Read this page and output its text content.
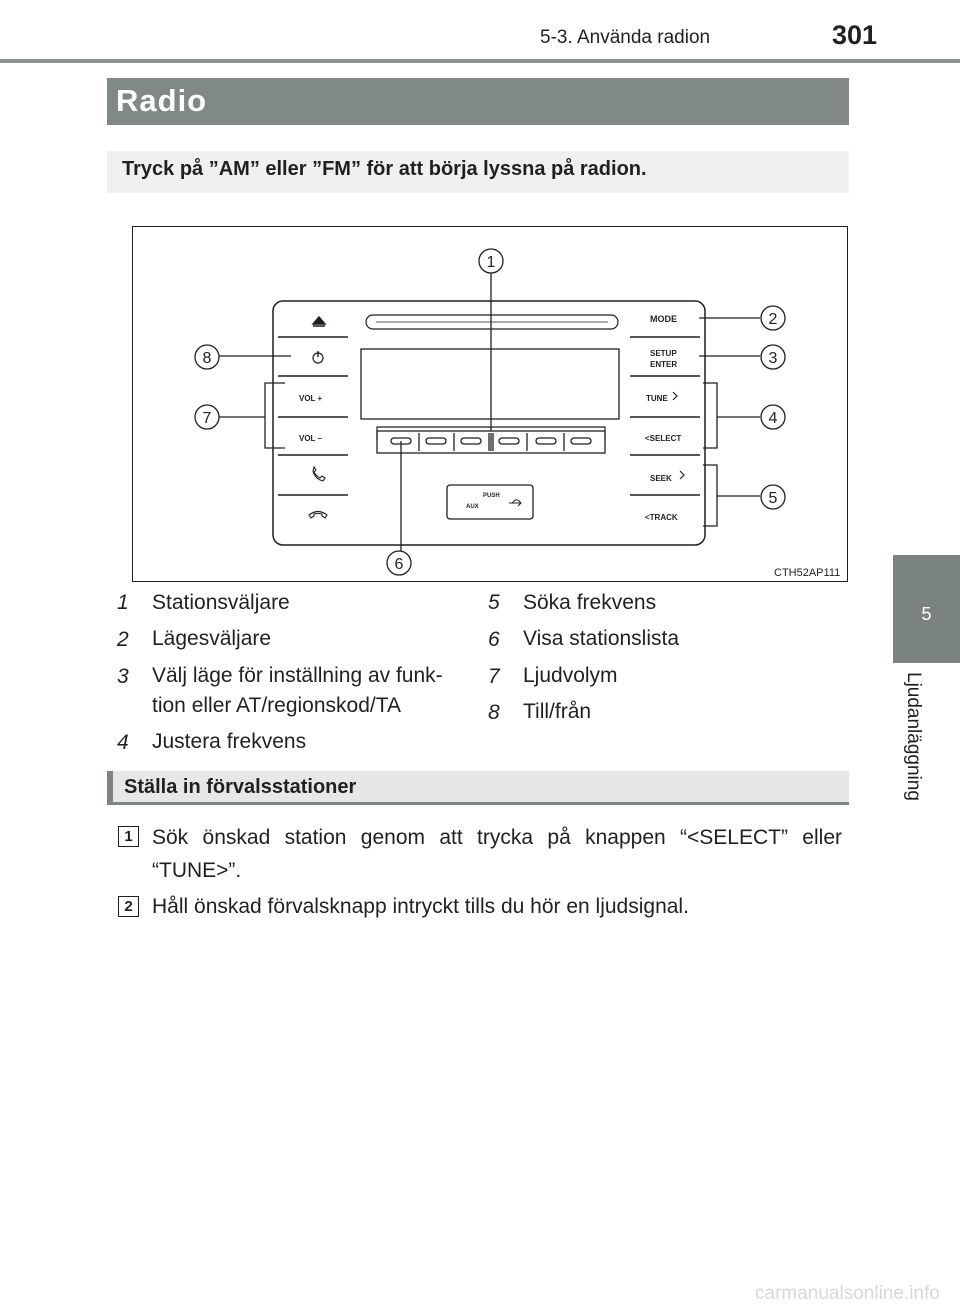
5-3. Använda radion	301
5
Ljudanläggning
Radio
Tryck på ”AM” eller ”FM” för att börja lyssna på radion.
MODE
SETUP
ENTER
TUNE
<SELECT
SEEK
<TRACK
VOL +
VOL –
PUSH
AUX
1
2
3
4
5
6
7
8
CTH52AP111
1	Stationsväljare
2	Lägesväljare
3	Välj läge för inställning av funk-
tion eller AT/regionskod/TA
4	Justera frekvens
5	Söka frekvens
6	Visa stationslista
7	Ljudvolym
8	Till/från
Ställa in förvalsstationer
1 Sök önskad station genom att trycka på knappen “<SELECT” eller
“TUNE>”.
2 Håll önskad förvalsknapp intryckt tills du hör en ljudsignal.
carmanualsonline.info
